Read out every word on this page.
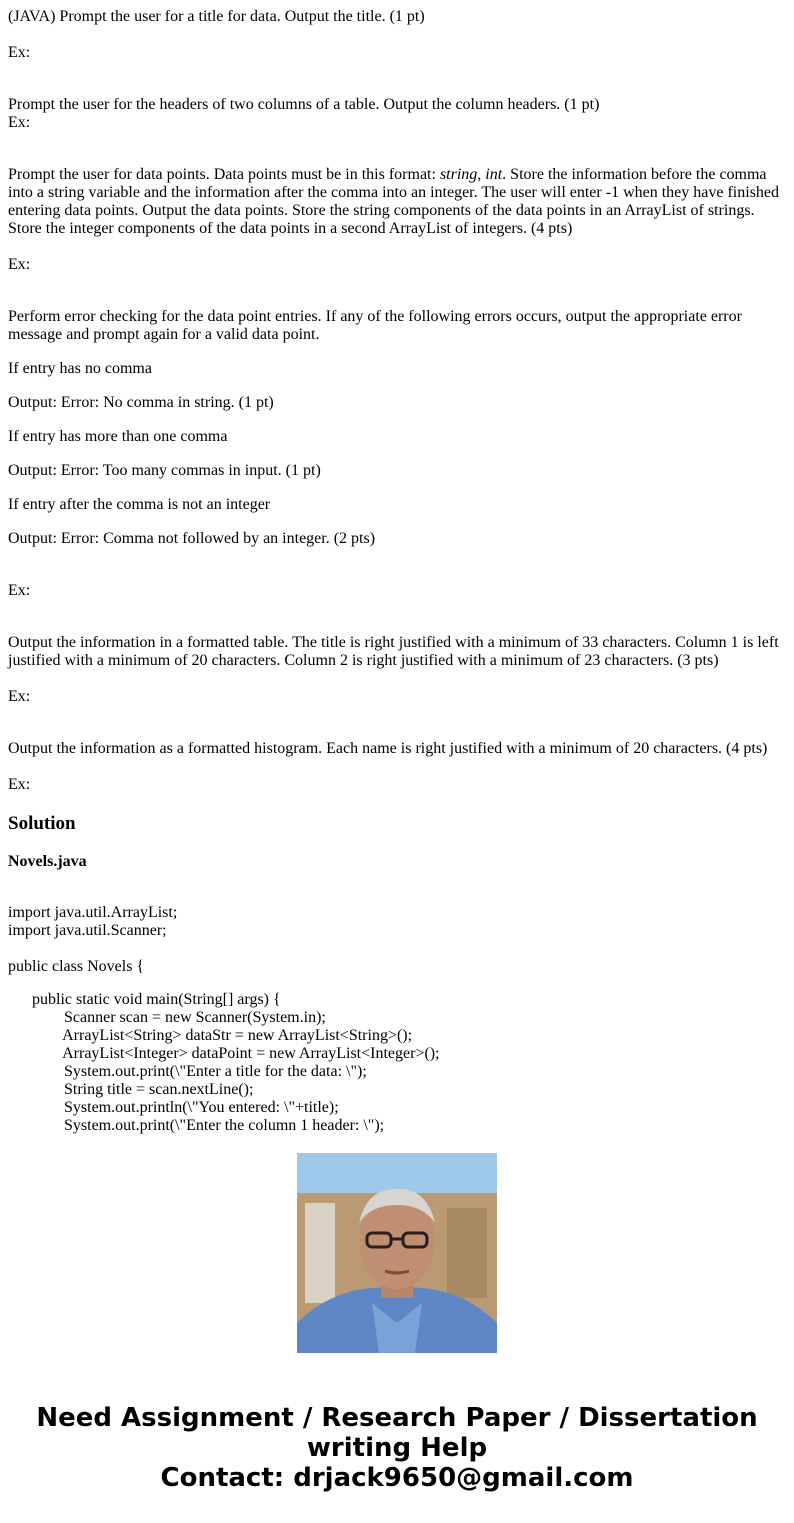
(JAVA) Prompt the user for a title for data. Output the title. (1 pt)
Ex:
Prompt the user for the headers of two columns of a table. Output the column headers. (1 pt)
Ex:
Prompt the user for data points. Data points must be in this format: string, int. Store the information before the comma into a string variable and the information after the comma into an integer. The user will enter -1 when they have finished entering data points. Output the data points. Store the string components of the data points in an ArrayList of strings. Store the integer components of the data points in a second ArrayList of integers. (4 pts)
Ex:
Perform error checking for the data point entries. If any of the following errors occurs, output the appropriate error message and prompt again for a valid data point.
If entry has no comma
Output: Error: No comma in string. (1 pt)
If entry has more than one comma
Output: Error: Too many commas in input. (1 pt)
If entry after the comma is not an integer
Output: Error: Comma not followed by an integer. (2 pts)
Ex:
Output the information in a formatted table. The title is right justified with a minimum of 33 characters. Column 1 is left justified with a minimum of 20 characters. Column 2 is right justified with a minimum of 23 characters. (3 pts)
Ex:
Output the information as a formatted histogram. Each name is right justified with a minimum of 20 characters. (4 pts)
Ex:
Solution
Novels.java
import java.util.ArrayList;
import java.util.Scanner;
public class Novels {
public static void main(String[] args) {
Scanner scan = new Scanner(System.in);
ArrayList<String> dataStr = new ArrayList<String>();
ArrayList<Integer> dataPoint = new ArrayList<Integer>();
System.out.print(\"Enter a title for the data: \");
String title = scan.nextLine();
System.out.println(\"You entered: \"+title);
System.out.print(\"Enter the column 1 header: \");
Need Assignment / Research Paper / Dissertation
writing Help
Contact: drjack9650@gmail.com
